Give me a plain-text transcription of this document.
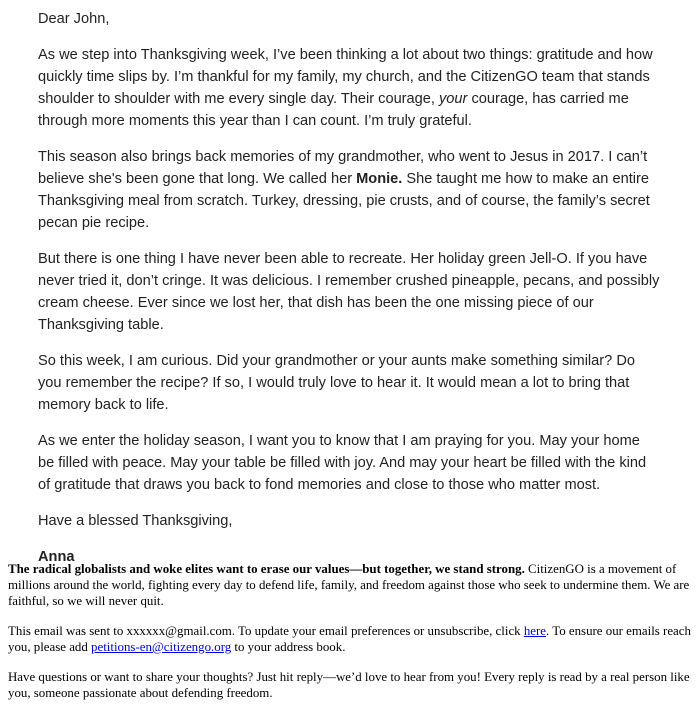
Dear John,

As we step into Thanksgiving week, I’ve been thinking a lot about two things: gratitude and how quickly time slips by. I’m thankful for my family, my church, and the CitizenGO team that stands shoulder to shoulder with me every single day. Their courage, your courage, has carried me through more moments this year than I can count. I’m truly grateful.

This season also brings back memories of my grandmother, who went to Jesus in 2017. I can’t believe she's been gone that long. We called her Monie. She taught me how to make an entire Thanksgiving meal from scratch. Turkey, dressing, pie crusts, and of course, the family’s secret pecan pie recipe.

But there is one thing I have never been able to recreate. Her holiday green Jell-O. If you have never tried it, don’t cringe. It was delicious. I remember crushed pineapple, pecans, and possibly cream cheese. Ever since we lost her, that dish has been the one missing piece of our Thanksgiving table.

So this week, I am curious. Did your grandmother or your aunts make something similar? Do you remember the recipe? If so, I would truly love to hear it. It would mean a lot to bring that memory back to life.

As we enter the holiday season, I want you to know that I am praying for you. May your home be filled with peace. May your table be filled with joy. And may your heart be filled with the kind of gratitude that draws you back to fond memories and close to those who matter most.

Have a blessed Thanksgiving,

Anna

The radical globalists and woke elites want to erase our values—but together, we stand strong. CitizenGO is a movement of millions around the world, fighting every day to defend life, family, and freedom against those who seek to undermine them. We are faithful, so we will never quit.

This email was sent to xxxxxx@gmail.com. To update your email preferences or unsubscribe, click here. To ensure our emails reach you, please add petitions-en@citizengo.org to your address book.

Have questions or want to share your thoughts? Just hit reply—we’d love to hear from you! Every reply is read by a real person like you, someone passionate about defending freedom.
